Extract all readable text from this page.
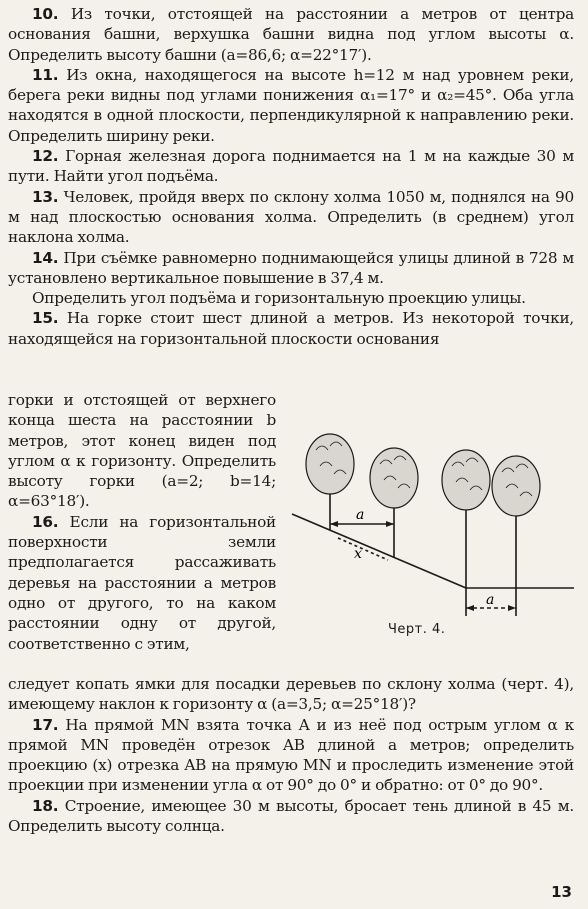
10. Из точки, отстоящей на расстоянии a метров от центра основания башни, верхушка башни видна под углом высоты α. Определить высоту башни (a=86,6; α=22°17′).

11. Из окна, находящегося на высоте h=12 м над уровнем реки, берега реки видны под углами понижения α₁=17° и α₂=45°. Оба угла находятся в одной плоскости, перпендикулярной к направлению реки. Определить ширину реки.

12. Горная железная дорога поднимается на 1 м на каждые 30 м пути. Найти угол подъёма.

13. Человек, пройдя вверх по склону холма 1050 м, поднялся на 90 м над плоскостью основания холма. Определить (в среднем) угол наклона холма.

14. При съёмке равномерно поднимающейся улицы длиной в 728 м установлено вертикальное повышение в 37,4 м.

Определить угол подъёма и горизонтальную проекцию улицы.

15. На горке стоит шест длиной a метров. Из некоторой точки, находящейся на горизонтальной плоскости основания

горки и отстоящей от верхнего конца шеста на расстоянии b метров, этот конец виден под углом α к горизонту. Определить высоту горки (a=2; b=14; α=63°18′).

16. Если на горизонтальной поверхности земли предполагается рассаживать деревья на расстоянии a метров одно от другого, то на каком расстоянии одну от другой, соответственно с этим,

a
x
a
Черт. 4.

следует копать ямки для посадки деревьев по склону холма (черт. 4), имеющему наклон к горизонту α (a=3,5; α=25°18′)?

17. На прямой MN взята точка A и из неё под острым углом α к прямой MN проведён отрезок AB длиной a метров; определить проекцию (x) отрезка AB на прямую MN и проследить изменение этой проекции при изменении угла α от 90° до 0° и обратно: от 0° до 90°.

18. Строение, имеющее 30 м высоты, бросает тень длиной в 45 м. Определить высоту солнца.

13
